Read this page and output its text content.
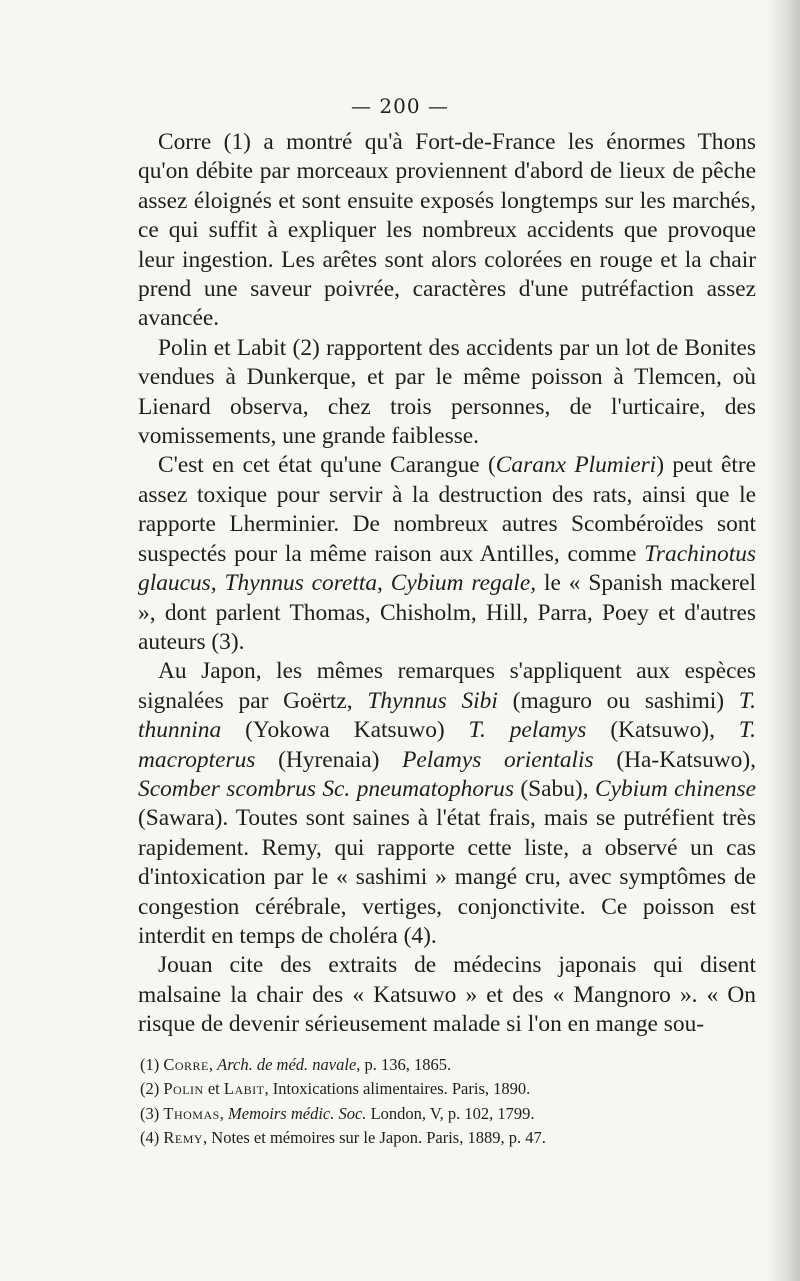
— 200 —

Corre (1) a montré qu'à Fort-de-France les énormes Thons qu'on débite par morceaux proviennent d'abord de lieux de pêche assez éloignés et sont ensuite exposés longtemps sur les marchés, ce qui suffit à expliquer les nombreux accidents que provoque leur ingestion. Les arêtes sont alors colorées en rouge et la chair prend une saveur poivrée, caractères d'une putréfaction assez avancée.

Polin et Labit (2) rapportent des accidents par un lot de Bonites vendues à Dunkerque, et par le même poisson à Tlemcen, où Lienard observa, chez trois personnes, de l'urticaire, des vomissements, une grande faiblesse.

C'est en cet état qu'une Carangue (Caranx Plumieri) peut être assez toxique pour servir à la destruction des rats, ainsi que le rapporte Lherminier. De nombreux autres Scombéroïdes sont suspectés pour la même raison aux Antilles, comme Trachinotus glaucus, Thynnus coretta, Cybium regale, le « Spanish mackerel », dont parlent Thomas, Chisholm, Hill, Parra, Poey et d'autres auteurs (3).

Au Japon, les mêmes remarques s'appliquent aux espèces signalées par Goërtz, Thynnus Sibi (maguro ou sashimi) T. thunnina (Yokowa Katsuwo) T. pelamys (Katsuwo), T. macropterus (Hyrenaia) Pelamys orientalis (Ha-Katsuwo), Scomber scombrus Sc. pneumatophorus (Sabu), Cybium chinense (Sawara). Toutes sont saines à l'état frais, mais se putréfient très rapidement. Remy, qui rapporte cette liste, a observé un cas d'intoxication par le « sashimi » mangé cru, avec symptômes de congestion cérébrale, vertiges, conjonctivite. Ce poisson est interdit en temps de choléra (4).

Jouan cite des extraits de médecins japonais qui disent malsaine la chair des « Katsuwo » et des « Mangnoro ». « On risque de devenir sérieusement malade si l'on en mange sou-

(1) Corre, Arch. de méd. navale, p. 136, 1865.

(2) Polin et Labit, Intoxications alimentaires. Paris, 1890.

(3) Thomas, Memoirs médic. Soc. London, V, p. 102, 1799.

(4) Remy, Notes et mémoires sur le Japon. Paris, 1889, p. 47.
